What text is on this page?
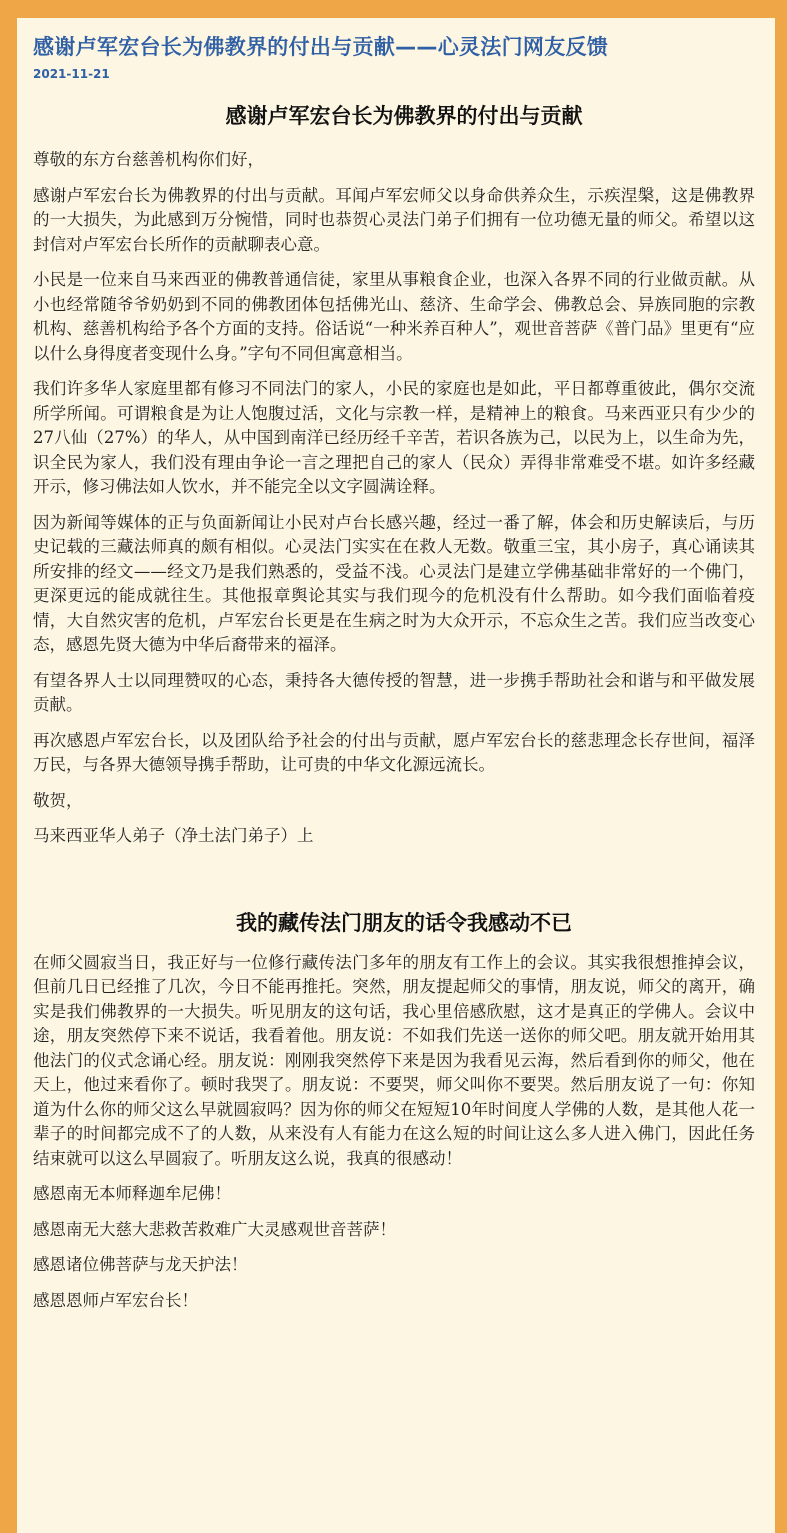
感谢卢军宏台长为佛教界的付出与贡献——心灵法门网友反馈
2021-11-21
感谢卢军宏台长为佛教界的付出与贡献

尊敬的东方台慈善机构你们好，

感谢卢军宏台长为佛教界的付出与贡献。耳闻卢军宏师父以身命供养众生，示疾涅槃，这是佛教界的一大损失，为此感到万分惋惜，同时也恭贺心灵法门弟子们拥有一位功德无量的师父。希望以这封信对卢军宏台长所作的贡献聊表心意。

小民是一位来自马来西亚的佛教普通信徒，家里从事粮食企业，也深入各界不同的行业做贡献。从小也经常随爷爷奶奶到不同的佛教团体包括佛光山、慈济、生命学会、佛教总会、异族同胞的宗教机构、慈善机构给予各个方面的支持。俗话说“一种米养百种人”，观世音菩萨《普门品》里更有“应以什么身得度者变现什么身。”字句不同但寓意相当。

我们许多华人家庭里都有修习不同法门的家人，小民的家庭也是如此，平日都尊重彼此，偶尔交流所学所闻。可谓粮食是为让人饱腹过活，文化与宗教一样，是精神上的粮食。马来西亚只有少少的27八仙（27%）的华人，从中国到南洋已经历经千辛苦，若识各族为己，以民为上，以生命为先，识全民为家人，我们没有理由争论一言之理把自己的家人（民众）弄得非常难受不堪。如许多经藏开示，修习佛法如人饮水，并不能完全以文字圆满诠释。

因为新闻等媒体的正与负面新闻让小民对卢台长感兴趣，经过一番了解，体会和历史解读后，与历史记载的三藏法师真的颇有相似。心灵法门实实在在救人无数。敬重三宝，其小房子，真心诵读其所安排的经文——经文乃是我们熟悉的，受益不浅。心灵法门是建立学佛基础非常好的一个佛门，更深更远的能成就往生。其他报章舆论其实与我们现今的危机没有什么帮助。如今我们面临着疫情，大自然灾害的危机，卢军宏台长更是在生病之时为大众开示，不忘众生之苦。我们应当改变心态，感恩先贤大德为中华后裔带来的福泽。

有望各界人士以同理赞叹的心态，秉持各大德传授的智慧，进一步携手帮助社会和谐与和平做发展贡献。

再次感恩卢军宏台长，以及团队给予社会的付出与贡献，愿卢军宏台长的慈悲理念长存世间，福泽万民，与各界大德领导携手帮助，让可贵的中华文化源远流长。

敬贺，

马来西亚华人弟子（净土法门弟子）上

我的藏传法门朋友的话令我感动不已

在师父圆寂当日，我正好与一位修行藏传法门多年的朋友有工作上的会议。其实我很想推掉会议，但前几日已经推了几次，今日不能再推托。突然，朋友提起师父的事情，朋友说，师父的离开，确实是我们佛教界的一大损失。听见朋友的这句话，我心里倍感欣慰，这才是真正的学佛人。会议中途，朋友突然停下来不说话，我看着他。朋友说：不如我们先送一送你的师父吧。朋友就开始用其他法门的仪式念诵心经。朋友说：刚刚我突然停下来是因为我看见云海，然后看到你的师父，他在天上，他过来看你了。顿时我哭了。朋友说：不要哭，师父叫你不要哭。然后朋友说了一句：你知道为什么你的师父这么早就圆寂吗？因为你的师父在短短10年时间度人学佛的人数，是其他人花一辈子的时间都完成不了的人数，从来没有人有能力在这么短的时间让这么多人进入佛门，因此任务结束就可以这么早圆寂了。听朋友这么说，我真的很感动！

感恩南无本师释迦牟尼佛！

感恩南无大慈大悲救苦救难广大灵感观世音菩萨！

感恩诸位佛菩萨与龙天护法！

感恩恩师卢军宏台长！
